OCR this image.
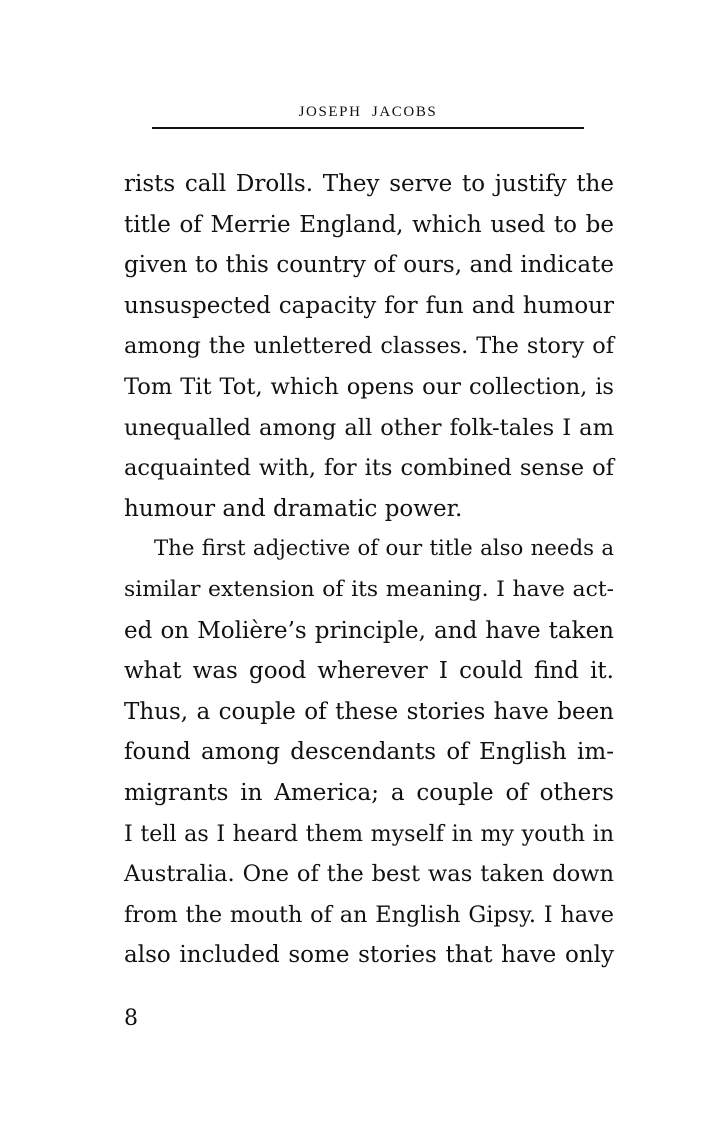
JOSEPH JACOBS
rists call Drolls. They serve to justify the
title of Merrie England, which used to be
given to this country of ours, and indicate
unsuspected capacity for fun and humour
among the unlettered classes. The story of
Tom Tit Tot, which opens our collection, is
unequalled among all other folk-tales I am
acquainted with, for its combined sense of
humour and dramatic power.
The first adjective of our title also needs a
similar extension of its meaning. I have act-
ed on Molière’s principle, and have taken
what was good wherever I could find it.
Thus, a couple of these stories have been
found among descendants of English im-
migrants in America; a couple of others
I tell as I heard them myself in my youth in
Australia. One of the best was taken down
from the mouth of an English Gipsy. I have
also included some stories that have only
8
